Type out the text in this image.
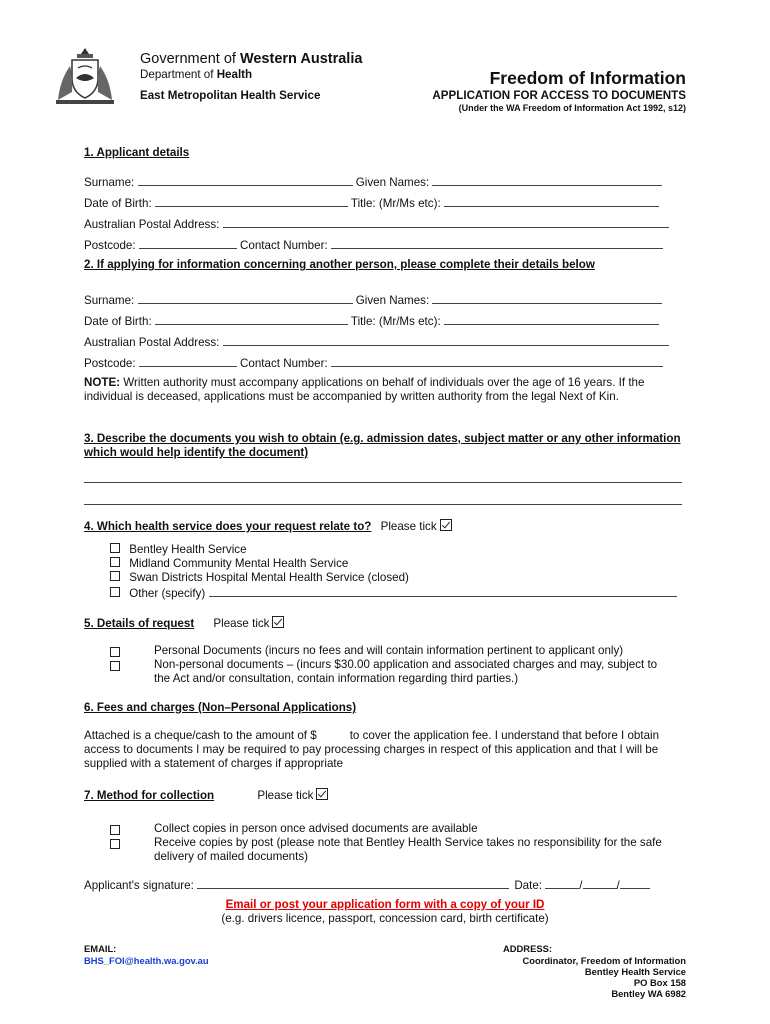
Government of Western Australia
Department of Health
East Metropolitan Health Service
Freedom of Information
APPLICATION FOR ACCESS TO DOCUMENTS
(Under the WA Freedom of Information Act 1992, s12)
1. Applicant details
Surname:	Given Names:
Date of Birth:	Title: (Mr/Ms etc):
Australian Postal Address:
Postcode:	Contact Number:
2. If applying for information concerning another person, please complete their details below
Surname:	Given Names:
Date of Birth:	Title: (Mr/Ms etc):
Australian Postal Address:
Postcode:	Contact Number:
NOTE: Written authority must accompany applications on behalf of individuals over the age of 16 years. If the individual is deceased, applications must be accompanied by written authority from the legal Next of Kin.
3. Describe the documents you wish to obtain (e.g. admission dates, subject matter or any other information which would help identify the document)
4. Which health service does your request relate to? Please tick
Bentley Health Service
Midland Community Mental Health Service
Swan Districts Hospital Mental Health Service (closed)
Other (specify)
5. Details of request Please tick
Personal Documents (incurs no fees and will contain information pertinent to applicant only)
Non-personal documents – (incurs $30.00 application and associated charges and may, subject to the Act and/or consultation, contain information regarding third parties.)
6. Fees and charges (Non–Personal Applications)
Attached is a cheque/cash to the amount of $	to cover the application fee. I understand that before I obtain access to documents I may be required to pay processing charges in respect of this application and that I will be supplied with a statement of charges if appropriate
7. Method for collection	Please tick
Collect copies in person once advised documents are available
Receive copies by post (please note that Bentley Health Service takes no responsibility for the safe delivery of mailed documents)
Applicant's signature:	Date:	/	/
Email or post your application form with a copy of your ID
(e.g. drivers licence, passport, concession card, birth certificate)
EMAIL:
BHS_FOI@health.wa.gov.au
ADDRESS:
Coordinator, Freedom of Information
Bentley Health Service
PO Box 158
Bentley WA 6982
